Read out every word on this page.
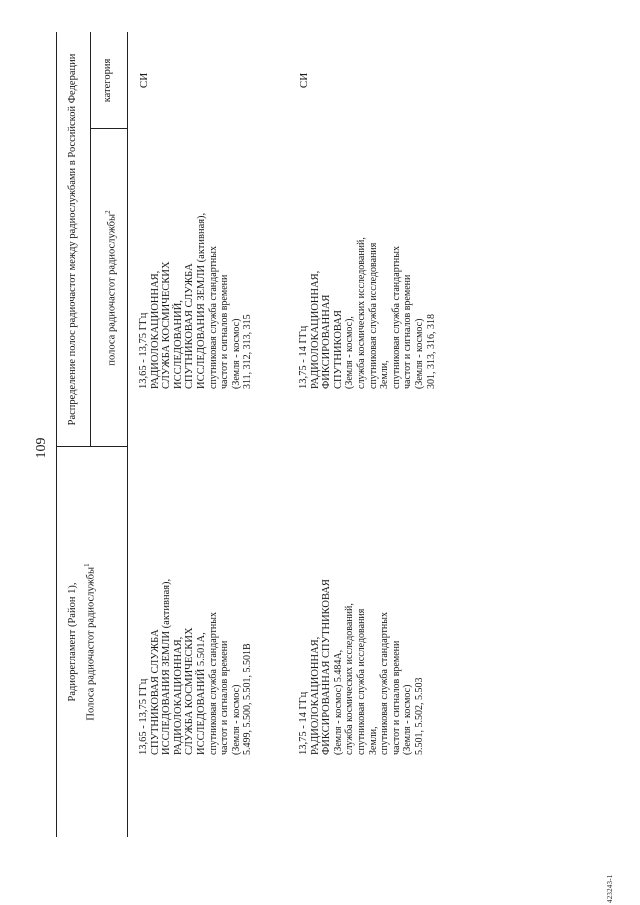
109
Радиорегламент (Район 1), Полоса радиочастот радиослужбы$^1$
Распределение полос радиочастот между радиослужбами в Российской Федерации	полоса радиочастот радиослужбы$^2$
категория
13,65 - 13,75 ГГц СПУТНИКОВАЯ СЛУЖБА ИССЛЕДОВАНИЯ ЗЕМЛИ (активная), РАДИОЛОКАЦИОННАЯ, СЛУЖБА КОСМИЧЕСКИХ ИССЛЕДОВАНИЙ 5.501А, спутниковая служба стандартных частот и сигналов времени (Земля - космос) 5.499, 5.500, 5.501, 5.501В
13,65 - 13,75 ГГц РАДИОЛОКАЦИОННАЯ, СЛУЖБА КОСМИЧЕСКИХ ИССЛЕДОВАНИЙ, СПУТНИКОВАЯ СЛУЖБА ИССЛЕДОВАНИЯ ЗЕМЛИ (активная), спутниковая служба стандартных частот и сигналов времени (Земля - космос) 311, 312, 313, 315
СИ
13,75 - 14 ГГц РАДИОЛОКАЦИОННАЯ, ФИКСИРОВАННАЯ СПУТНИКОВАЯ (Земля - космос) 5.484А, служба космических исследований, спутниковая служба исследования Земли, спутниковая служба стандартных частот и сигналов времени (Земля - космос) 5.501, 5.502, 5.503
13,75 - 14 ГГц РАДИОЛОКАЦИОННАЯ, ФИКСИРОВАННАЯ СПУТНИКОВАЯ (Земля - космос), служба космических исследований, спутниковая служба исследования Земли, спутниковая служба стандартных частот и сигналов времени (Земля - космос) 301, 313, 316, 318
СИ
423243-1
